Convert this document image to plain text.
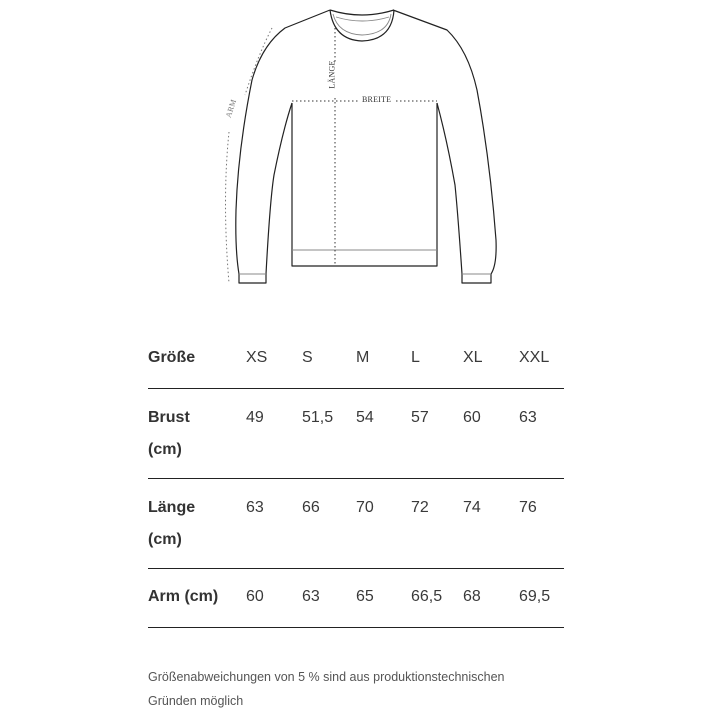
BREITE
LÄNGE
ARM
Größe	XS	S	M	L	XL	XXL

Brust
(cm)	49	51,5	54	57	60	63

Länge
(cm)	63	66	70	72	74	76
Arm (cm)	60	63	65	66,5	68	69,5
Größenabweichungen von 5 % sind aus produktionstechnischen
Gründen möglich
